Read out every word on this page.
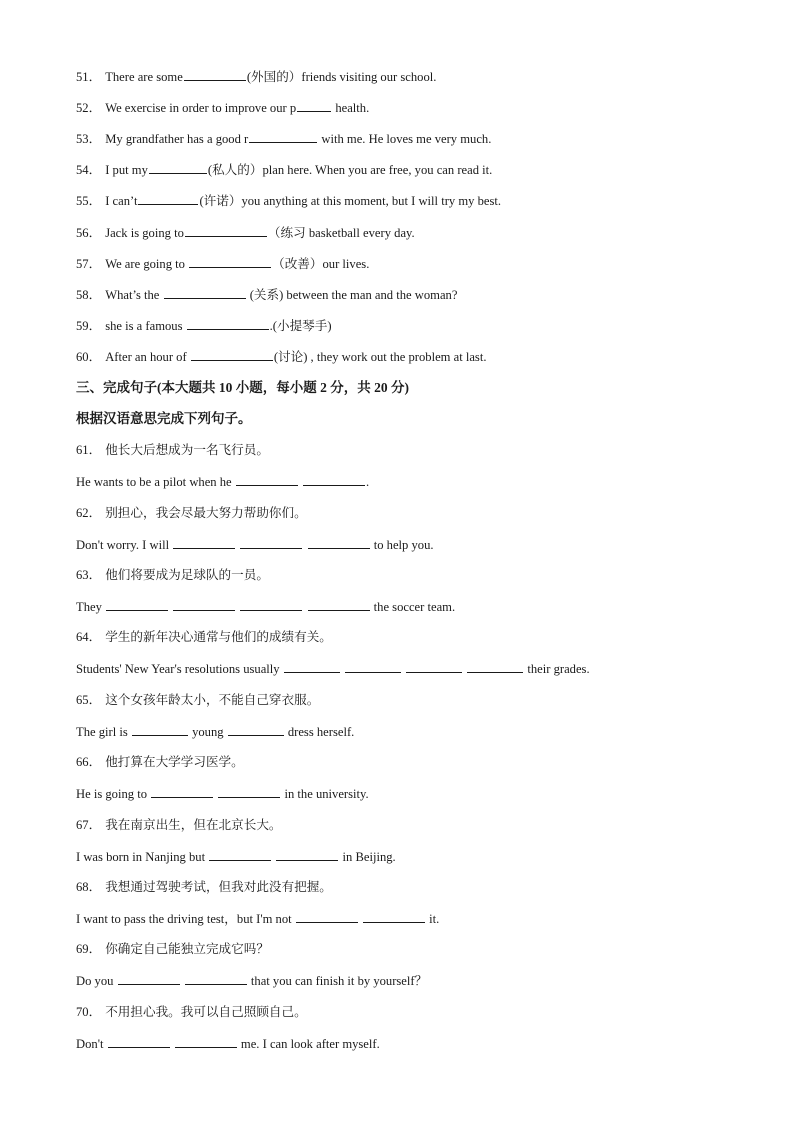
51． There are some	(外国的）friends visiting our school.
52． We exercise in order to improve our p	health.
53． My grandfather has a good r	with me. He loves me very much.
54． I put my	(私人的）plan here. When you are free, you can read it.
55． I can’t	(许诺）you anything at this moment, but I will try my best.
56． Jack is going to	（练习 basketball every day.
57． We are going to	（改善）our lives.
58． What’s the	(关系) between the man and the woman?
59． she is a famous	.(小提琴手)
60． After an hour of	(讨论) , they work out the problem at last.
三、完成句子(本大题共 10 小题，每小题 2 分，共 20 分)
根据汉语意思完成下列句子。
61． 他长大后想成为一名飞行员。
He wants to be a pilot when he	.
62． 别担心，我会尽最大努力帮助你们。
Don't worry. I will	to help you.
63． 他们将要成为足球队的一员。
They	the soccer team.
64． 学生的新年决心通常与他们的成绩有关。
Students' New Year's resolutions usually	their grades.
65． 这个女孩年龄太小，不能自己穿衣服。
The girl is	young	dress herself.
66． 他打算在大学学习医学。
He is going to	in the university.
67． 我在南京出生，但在北京长大。
I was born in Nanjing but	in Beijing.
68． 我想通过驾驶考试，但我对此没有把握。
I want to pass the driving test，but I'm not	it.
69． 你确定自己能独立完成它吗？
Do you	that you can finish it by yourself？
70． 不用担心我。我可以自己照顾自己。
Don't	me. I can look after myself.
